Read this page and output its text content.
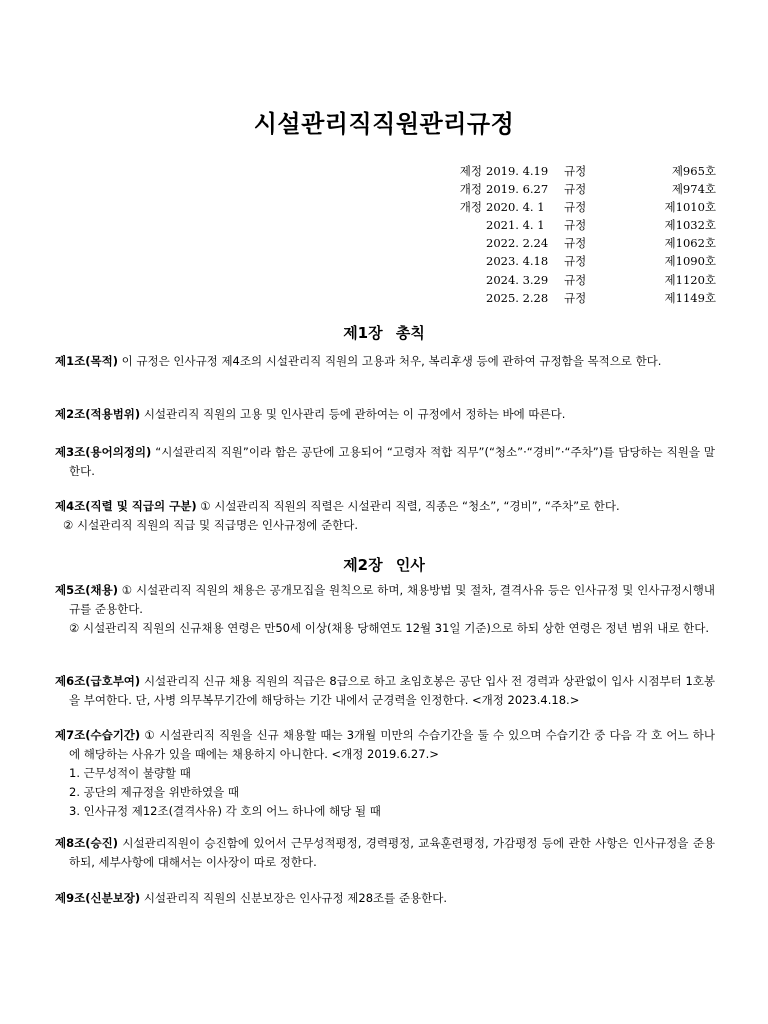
시설관리직직원관리규정
제정 2019. 4.19	규정	제965호
개정 2019. 6.27	규정	제974호
개정 2020. 4. 1	규정	제1010호
2021. 4. 1	규정	제1032호
2022. 2.24	규정	제1062호
2023. 4.18	규정	제1090호
2024. 3.29	규정	제1120호
2025. 2.28	규정	제1149호
제1장 총칙
제1조(목적) 이 규정은 인사규정 제4조의 시설관리직 직원의 고용과 처우, 복리후생 등에 관하여 규정함을 목적으로 한다.
제2조(적용범위) 시설관리직 직원의 고용 및 인사관리 등에 관하여는 이 규정에서 정하는 바에 따른다.
제3조(용어의정의) “시설관리직 직원”이라 함은 공단에 고용되어 “고령자 적합 직무”(“청소”·“경비”·“주차”)를 담당하는 직원을 말한다.
제4조(직렬 및 직급의 구분) ① 시설관리직 직원의 직렬은 시설관리 직렬, 직종은 “청소”, “경비”, “주차”로 한다.
② 시설관리직 직원의 직급 및 직급명은 인사규정에 준한다.
제2장 인사
제5조(채용) ① 시설관리직 직원의 채용은 공개모집을 원칙으로 하며, 채용방법 및 절차, 결격사유 등은 인사규정 및 인사규정시행내규를 준용한다.
② 시설관리직 직원의 신규채용 연령은 만50세 이상(채용 당해연도 12월 31일 기준)으로 하되 상한 연령은 정년 범위 내로 한다.
제6조(급호부여) 시설관리직 신규 채용 직원의 직급은 8급으로 하고 초임호봉은 공단 입사 전 경력과 상관없이 입사 시점부터 1호봉을 부여한다. 단, 사병 의무복무기간에 해당하는 기간 내에서 군경력을 인정한다. <개정 2023.4.18.>
제7조(수습기간) ① 시설관리직 직원을 신규 채용할 때는 3개월 미만의 수습기간을 둘 수 있으며 수습기간 중 다음 각 호 어느 하나에 해당하는 사유가 있을 때에는 채용하지 아니한다. <개정 2019.6.27.>
1. 근무성적이 불량할 때
2. 공단의 제규정을 위반하였을 때
3. 인사규정 제12조(결격사유) 각 호의 어느 하나에 해당 될 때
제8조(승진) 시설관리직원이 승진함에 있어서 근무성적평정, 경력평정, 교육훈련평정, 가감평정 등에 관한 사항은 인사규정을 준용하되, 세부사항에 대해서는 이사장이 따로 정한다.
제9조(신분보장) 시설관리직 직원의 신분보장은 인사규정 제28조를 준용한다.
